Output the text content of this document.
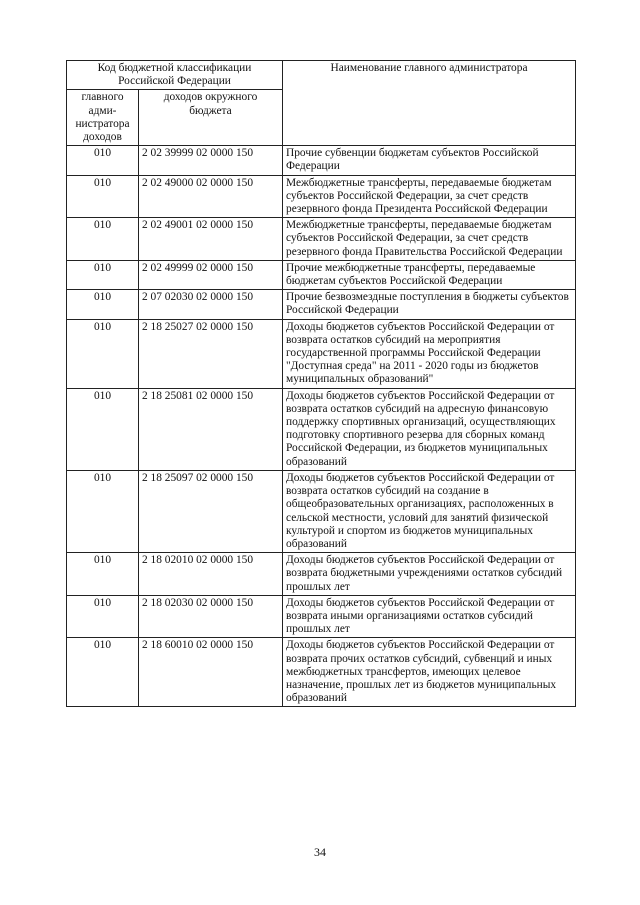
Код бюджетной классификации Российской Федерации		Наименование главного администратора
главного адми-нистратора доходов	доходов окружного бюджета	
010	2 02 39999 02 0000 150	Прочие субвенции бюджетам субъектов Российской Федерации
010	2 02 49000 02 0000 150	Межбюджетные трансферты, передаваемые бюджетам субъектов Российской Федерации, за счет средств резервного фонда Президента Российской Федерации
010	2 02 49001 02 0000 150	Межбюджетные трансферты, передаваемые бюджетам субъектов Российской Федерации, за счет средств резервного фонда Правительства Российской Федерации
010	2 02 49999 02 0000 150	Прочие межбюджетные трансферты, передаваемые бюджетам субъектов Российской Федерации
010	2 07 02030 02 0000 150	Прочие безвозмездные поступления в бюджеты субъектов Российской Федерации
010	2 18 25027 02 0000 150	Доходы бюджетов субъектов Российской Федерации от возврата остатков субсидий на мероприятия государственной программы Российской Федерации "Доступная среда" на 2011 - 2020 годы из бюджетов муниципальных образований"
010	2 18 25081 02 0000 150	Доходы бюджетов субъектов Российской Федерации от возврата остатков субсидий на адресную финансовую поддержку спортивных организаций, осуществляющих подготовку спортивного резерва для сборных команд Российской Федерации, из бюджетов муниципальных образований
010	2 18 25097 02 0000 150	Доходы бюджетов субъектов Российской Федерации от возврата остатков субсидий на создание в общеобразовательных организациях, расположенных в сельской местности, условий для занятий физической культурой и спортом из бюджетов муниципальных образований
010	2 18 02010 02 0000 150	Доходы бюджетов субъектов Российской Федерации от возврата бюджетными учреждениями остатков субсидий прошлых лет
010	2 18 02030 02 0000 150	Доходы бюджетов субъектов Российской Федерации от возврата иными организациями остатков субсидий прошлых лет
010	2 18 60010 02 0000 150	Доходы бюджетов субъектов Российской Федерации от возврата прочих остатков субсидий, субвенций и иных межбюджетных трансфертов, имеющих целевое назначение, прошлых лет из бюджетов муниципальных образований
34
